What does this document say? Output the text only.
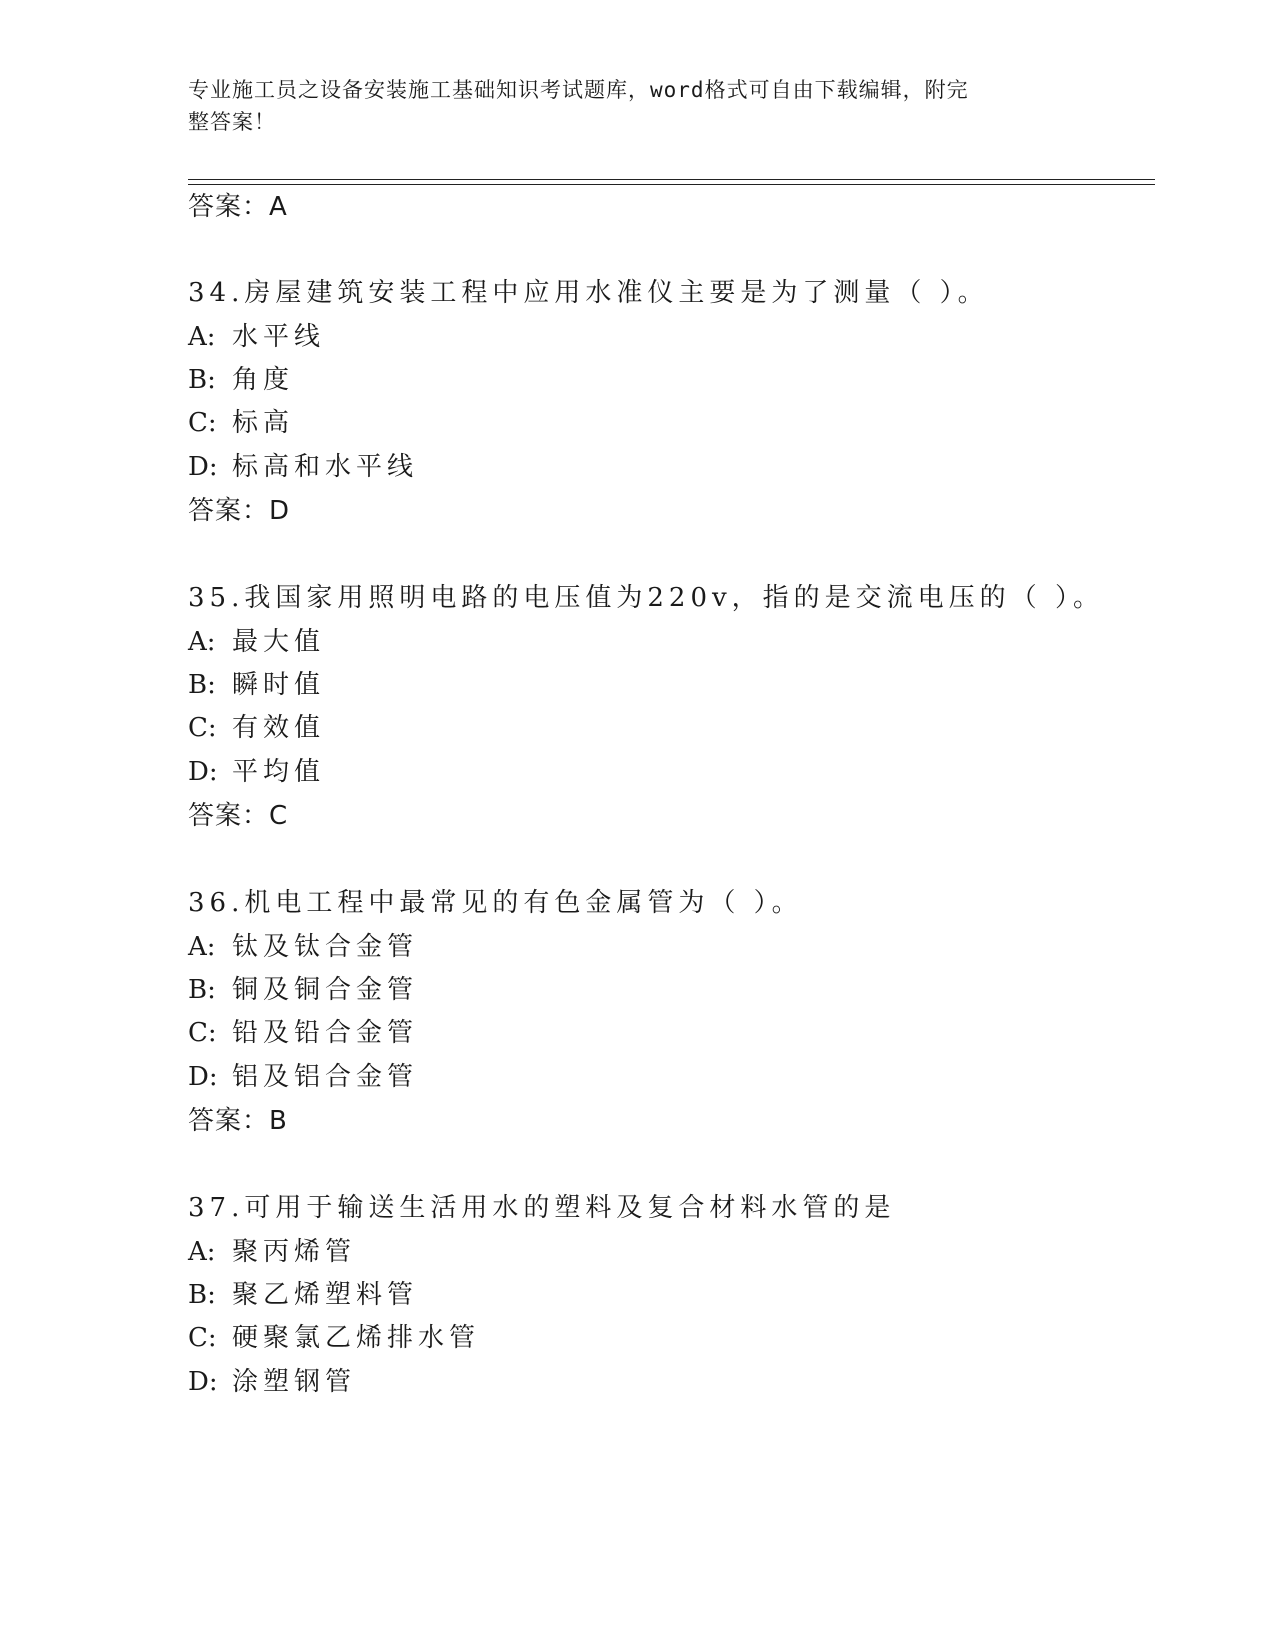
专业施工员之设备安装施工基础知识考试题库，word格式可自由下载编辑，附完
整答案！
答案：A
34.房屋建筑安装工程中应用水准仪主要是为了测量（ ）。
A: 水平线
B: 角度
C: 标高
D: 标高和水平线
答案：D
35.我国家用照明电路的电压值为220v，指的是交流电压的（ ）。
A: 最大值
B: 瞬时值
C: 有效值
D: 平均值
答案：C
36.机电工程中最常见的有色金属管为（ ）。
A: 钛及钛合金管
B: 铜及铜合金管
C: 铅及铅合金管
D: 铝及铝合金管
答案：B
37.可用于输送生活用水的塑料及复合材料水管的是
A: 聚丙烯管
B: 聚乙烯塑料管
C: 硬聚氯乙烯排水管
D: 涂塑钢管
